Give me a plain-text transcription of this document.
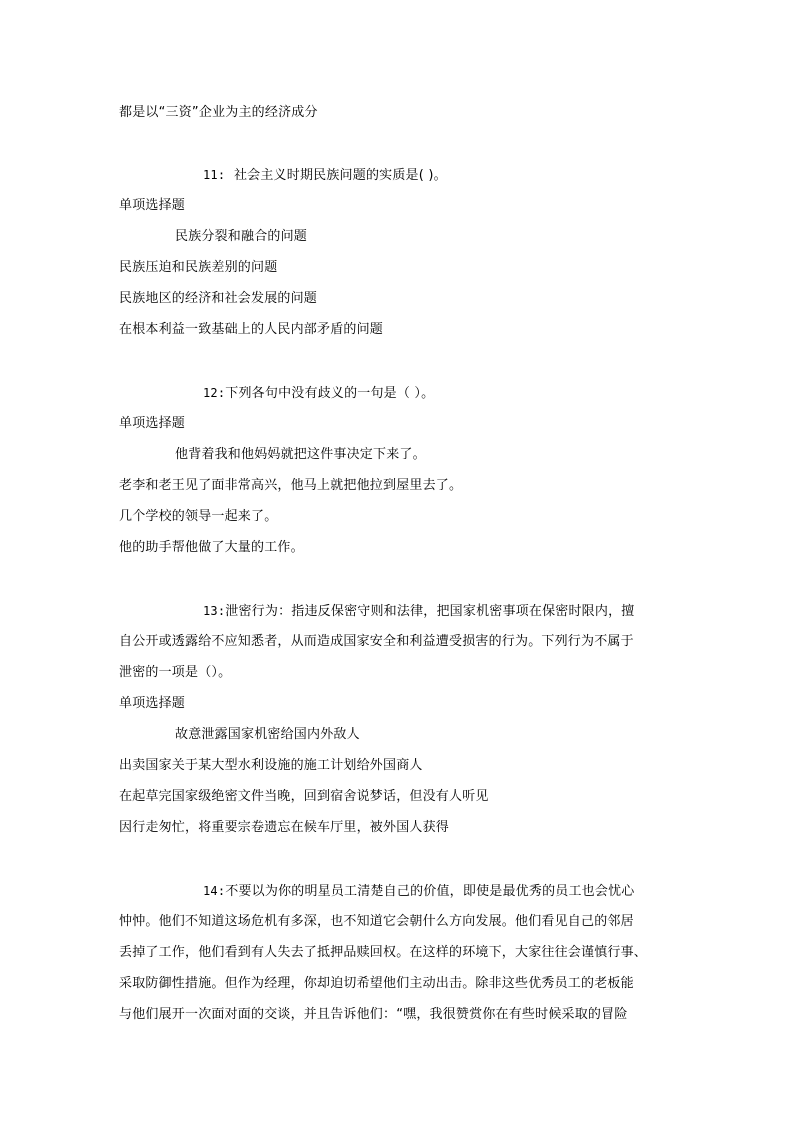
都是以“三资”企业为主的经济成分
11: 社会主义时期民族问题的实质是( )。
单项选择题
民族分裂和融合的问题
民族压迫和民族差别的问题
民族地区的经济和社会发展的问题
在根本利益一致基础上的人民内部矛盾的问题
12:下列各句中没有歧义的一句是（ ）。
单项选择题
他背着我和他妈妈就把这件事决定下来了。
老李和老王见了面非常高兴，他马上就把他拉到屋里去了。
几个学校的领导一起来了。
他的助手帮他做了大量的工作。
13:泄密行为：指违反保密守则和法律，把国家机密事项在保密时限内，擅
自公开或透露给不应知悉者，从而造成国家安全和利益遭受损害的行为。下列行为不属于
泄密的一项是（）。
单项选择题
故意泄露国家机密给国内外敌人
出卖国家关于某大型水利设施的施工计划给外国商人
在起草完国家级绝密文件当晚，回到宿舍说梦话，但没有人听见
因行走匆忙，将重要宗卷遗忘在候车厅里，被外国人获得
14:不要以为你的明星员工清楚自己的价值，即使是最优秀的员工也会忧心
忡忡。他们不知道这场危机有多深，也不知道它会朝什么方向发展。他们看见自己的邻居
丢掉了工作，他们看到有人失去了抵押品赎回权。在这样的环境下，大家往往会谨慎行事、
采取防御性措施。但作为经理，你却迫切希望他们主动出击。除非这些优秀员工的老板能
与他们展开一次面对面的交谈，并且告诉他们：“嘿，我很赞赏你在有些时候采取的冒险
